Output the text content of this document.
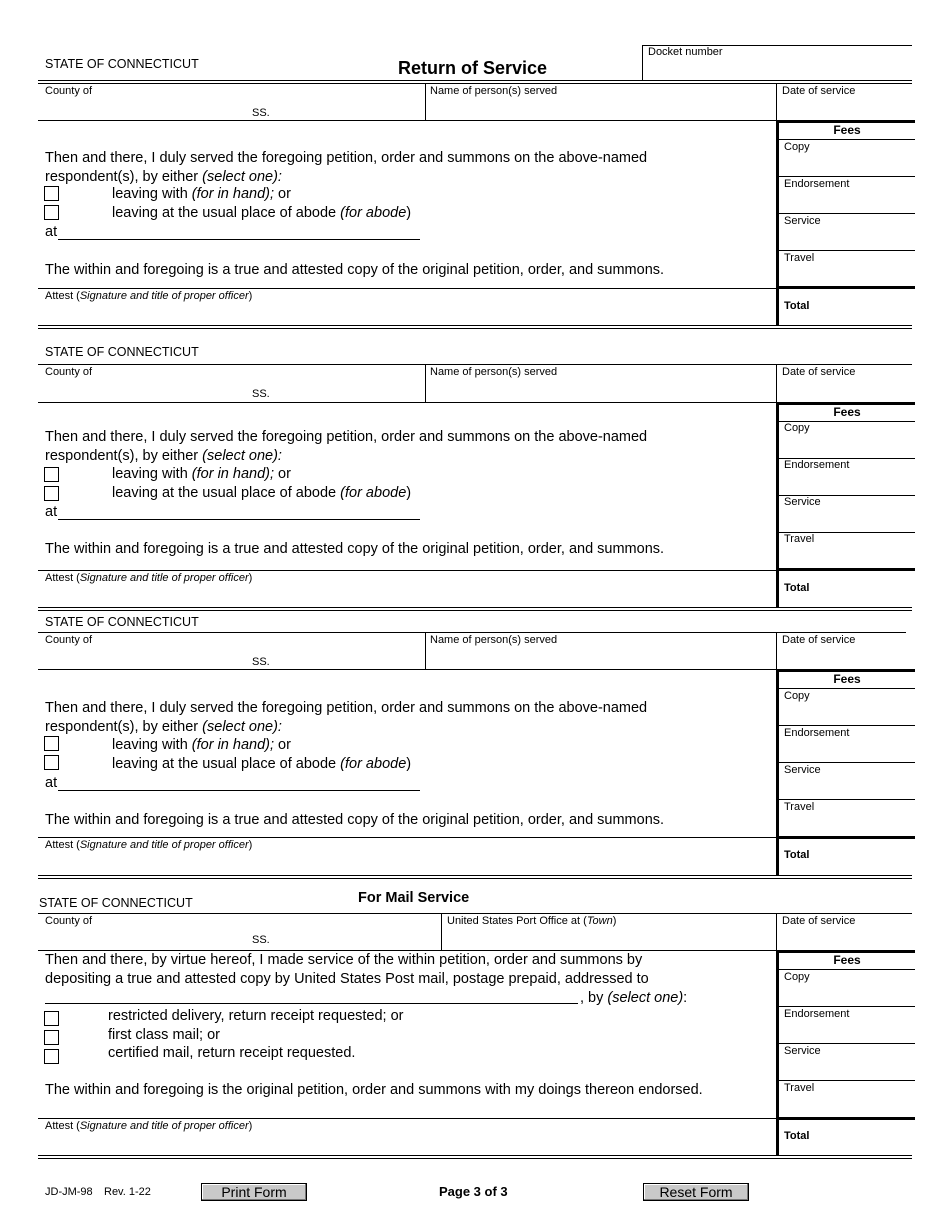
STATE OF CONNECTICUT	Return of Service
Docket number
County of
SS.
Name of person(s) served	Date of service
Fees
Copy
Endorsement
Service
Travel
Total
Then and there, I duly served the foregoing petition, order and summons on the above-named
respondent(s), by either (select one):
leaving with (for in hand); or
leaving at the usual place of abode (for abode)
at
The within and foregoing is a true and attested copy of the original petition, order, and summons.
Attest (Signature and title of proper officer)
STATE OF CONNECTICUT
County of
SS.
Name of person(s) served	Date of service
Fees
Copy
Endorsement
Service
Travel
Total
Then and there, I duly served the foregoing petition, order and summons on the above-named
respondent(s), by either (select one):
leaving with (for in hand); or
leaving at the usual place of abode (for abode)
at
The within and foregoing is a true and attested copy of the original petition, order, and summons.
Attest (Signature and title of proper officer)
STATE OF CONNECTICUT
County of
SS.
Name of person(s) served	Date of service
Fees
Copy
Endorsement
Service
Travel
Total
Then and there, I duly served the foregoing petition, order and summons on the above-named
respondent(s), by either (select one):
leaving with (for in hand); or
leaving at the usual place of abode (for abode)
at
The within and foregoing is a true and attested copy of the original petition, order, and summons.
Attest (Signature and title of proper officer)
For Mail Service
STATE OF CONNECTICUT
County of
SS.
United States Port Office at (Town)	Date of service
Fees
Copy
Endorsement
Service
Travel
Total
Then and there, by virtue hereof, I made service of the within petition, order and summons by
depositing a true and attested copy by United States Post mail, postage prepaid, addressed to
, by (select one):
restricted delivery, return receipt requested; or
first class mail; or
certified mail, return receipt requested.
The within and foregoing is the original petition, order and summons with my doings thereon endorsed.
Attest (Signature and title of proper officer)
JD-JM-98 Rev. 1-22	Print Form	Page 3 of 3	Reset Form
